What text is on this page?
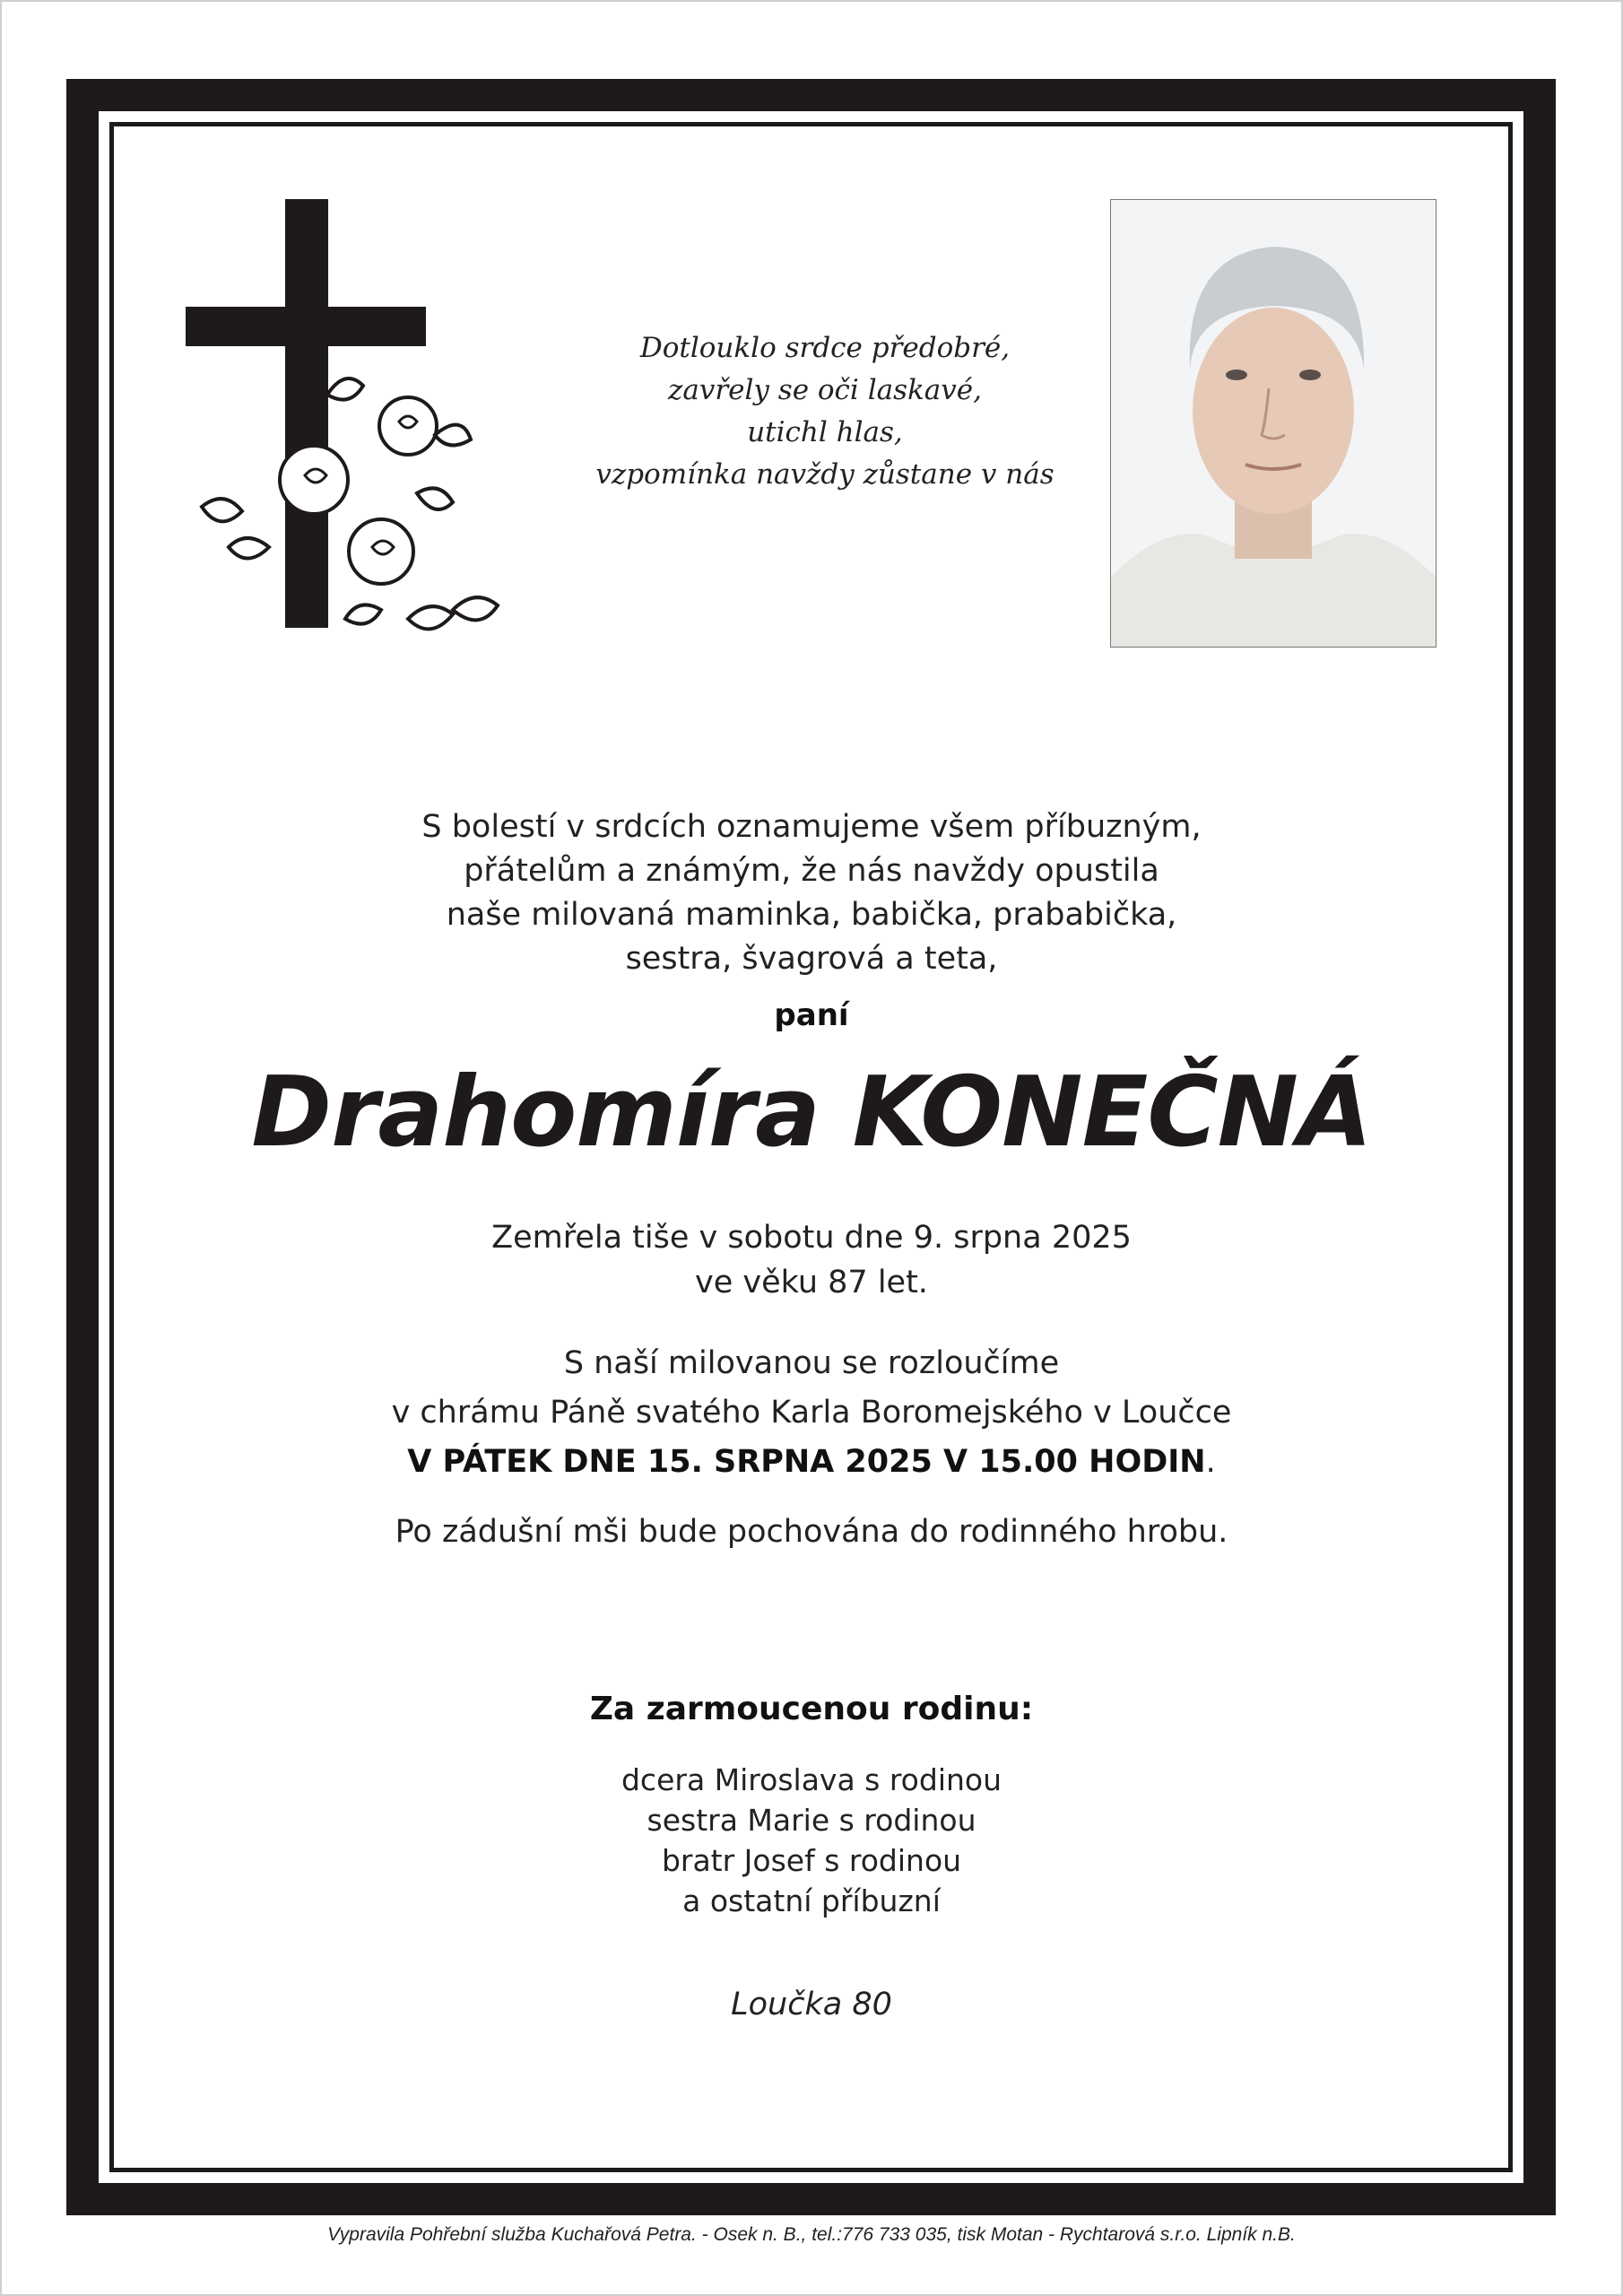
Dotlouklo srdce předobré,
zavřely se oči laskavé,
utichl hlas,
vzpomínka navždy zůstane v nás
S bolestí v srdcích oznamujeme všem příbuzným,
přátelům a známým, že nás navždy opustila
naše milovaná maminka, babička, prababička,
sestra, švagrová a teta,
paní
Drahomíra KONEČNÁ
Zemřela tiše v sobotu dne 9. srpna 2025
ve věku 87 let.
S naší milovanou se rozloučíme
v chrámu Páně svatého Karla Boromejského v Loučce
V PÁTEK DNE 15. SRPNA 2025 V 15.00 HODIN.
Po zádušní mši bude pochována do rodinného hrobu.
Za zarmoucenou rodinu:
dcera Miroslava s rodinou
sestra Marie s rodinou
bratr Josef s rodinou
a ostatní příbuzní
Loučka 80
Vypravila Pohřební služba Kuchařová Petra. - Osek n. B., tel.:776 733 035, tisk Motan - Rychtarová s.r.o. Lipník n.B.
